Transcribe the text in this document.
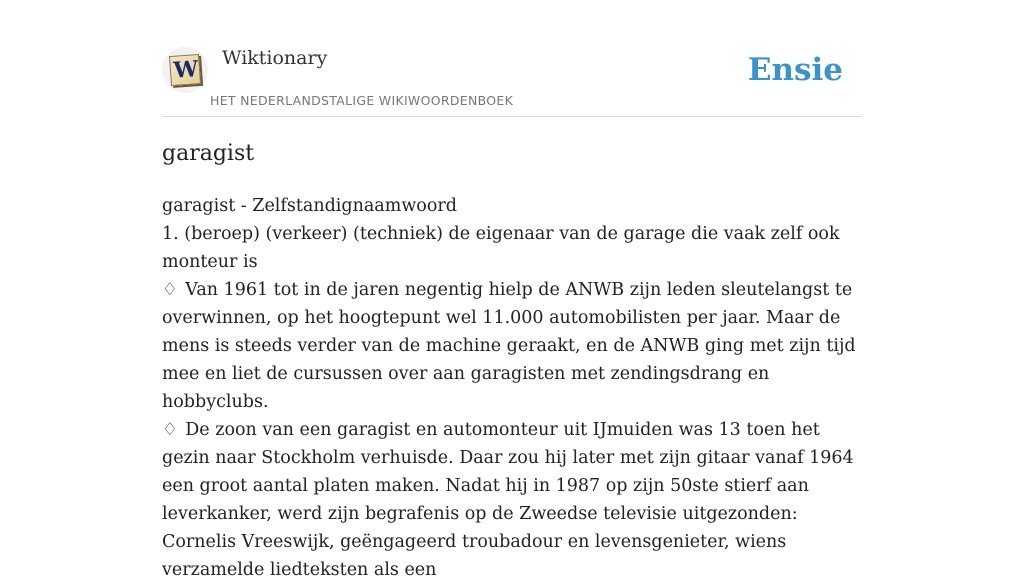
W Wiktionary
HET NEDERLANDSTALIGE WIKIWOORDENBOEK
Ensie
garagist

garagist - Zelfstandignaamwoord

1. (beroep) (verkeer) (techniek) de eigenaar van de garage die vaak zelf ook monteur is

♢ Van 1961 tot in de jaren negentig hielp de ANWB zijn leden sleutelangst te overwinnen, op het hoogtepunt wel 11.000 automobilisten per jaar. Maar de mens is steeds verder van de machine geraakt, en de ANWB ging met zijn tijd mee en liet de cursussen over aan garagisten met zendingsdrang en hobbyclubs.

♢ De zoon van een garagist en automonteur uit IJmuiden was 13 toen het gezin naar Stockholm verhuisde. Daar zou hij later met zijn gitaar vanaf 1964 een groot aantal platen maken. Nadat hij in 1987 op zijn 50ste stierf aan leverkanker, werd zijn begrafenis op de Zweedse televisie uitgezonden: Cornelis Vreeswijk, geëngageerd troubadour en levensgenieter, wiens verzamelde liedteksten als een
